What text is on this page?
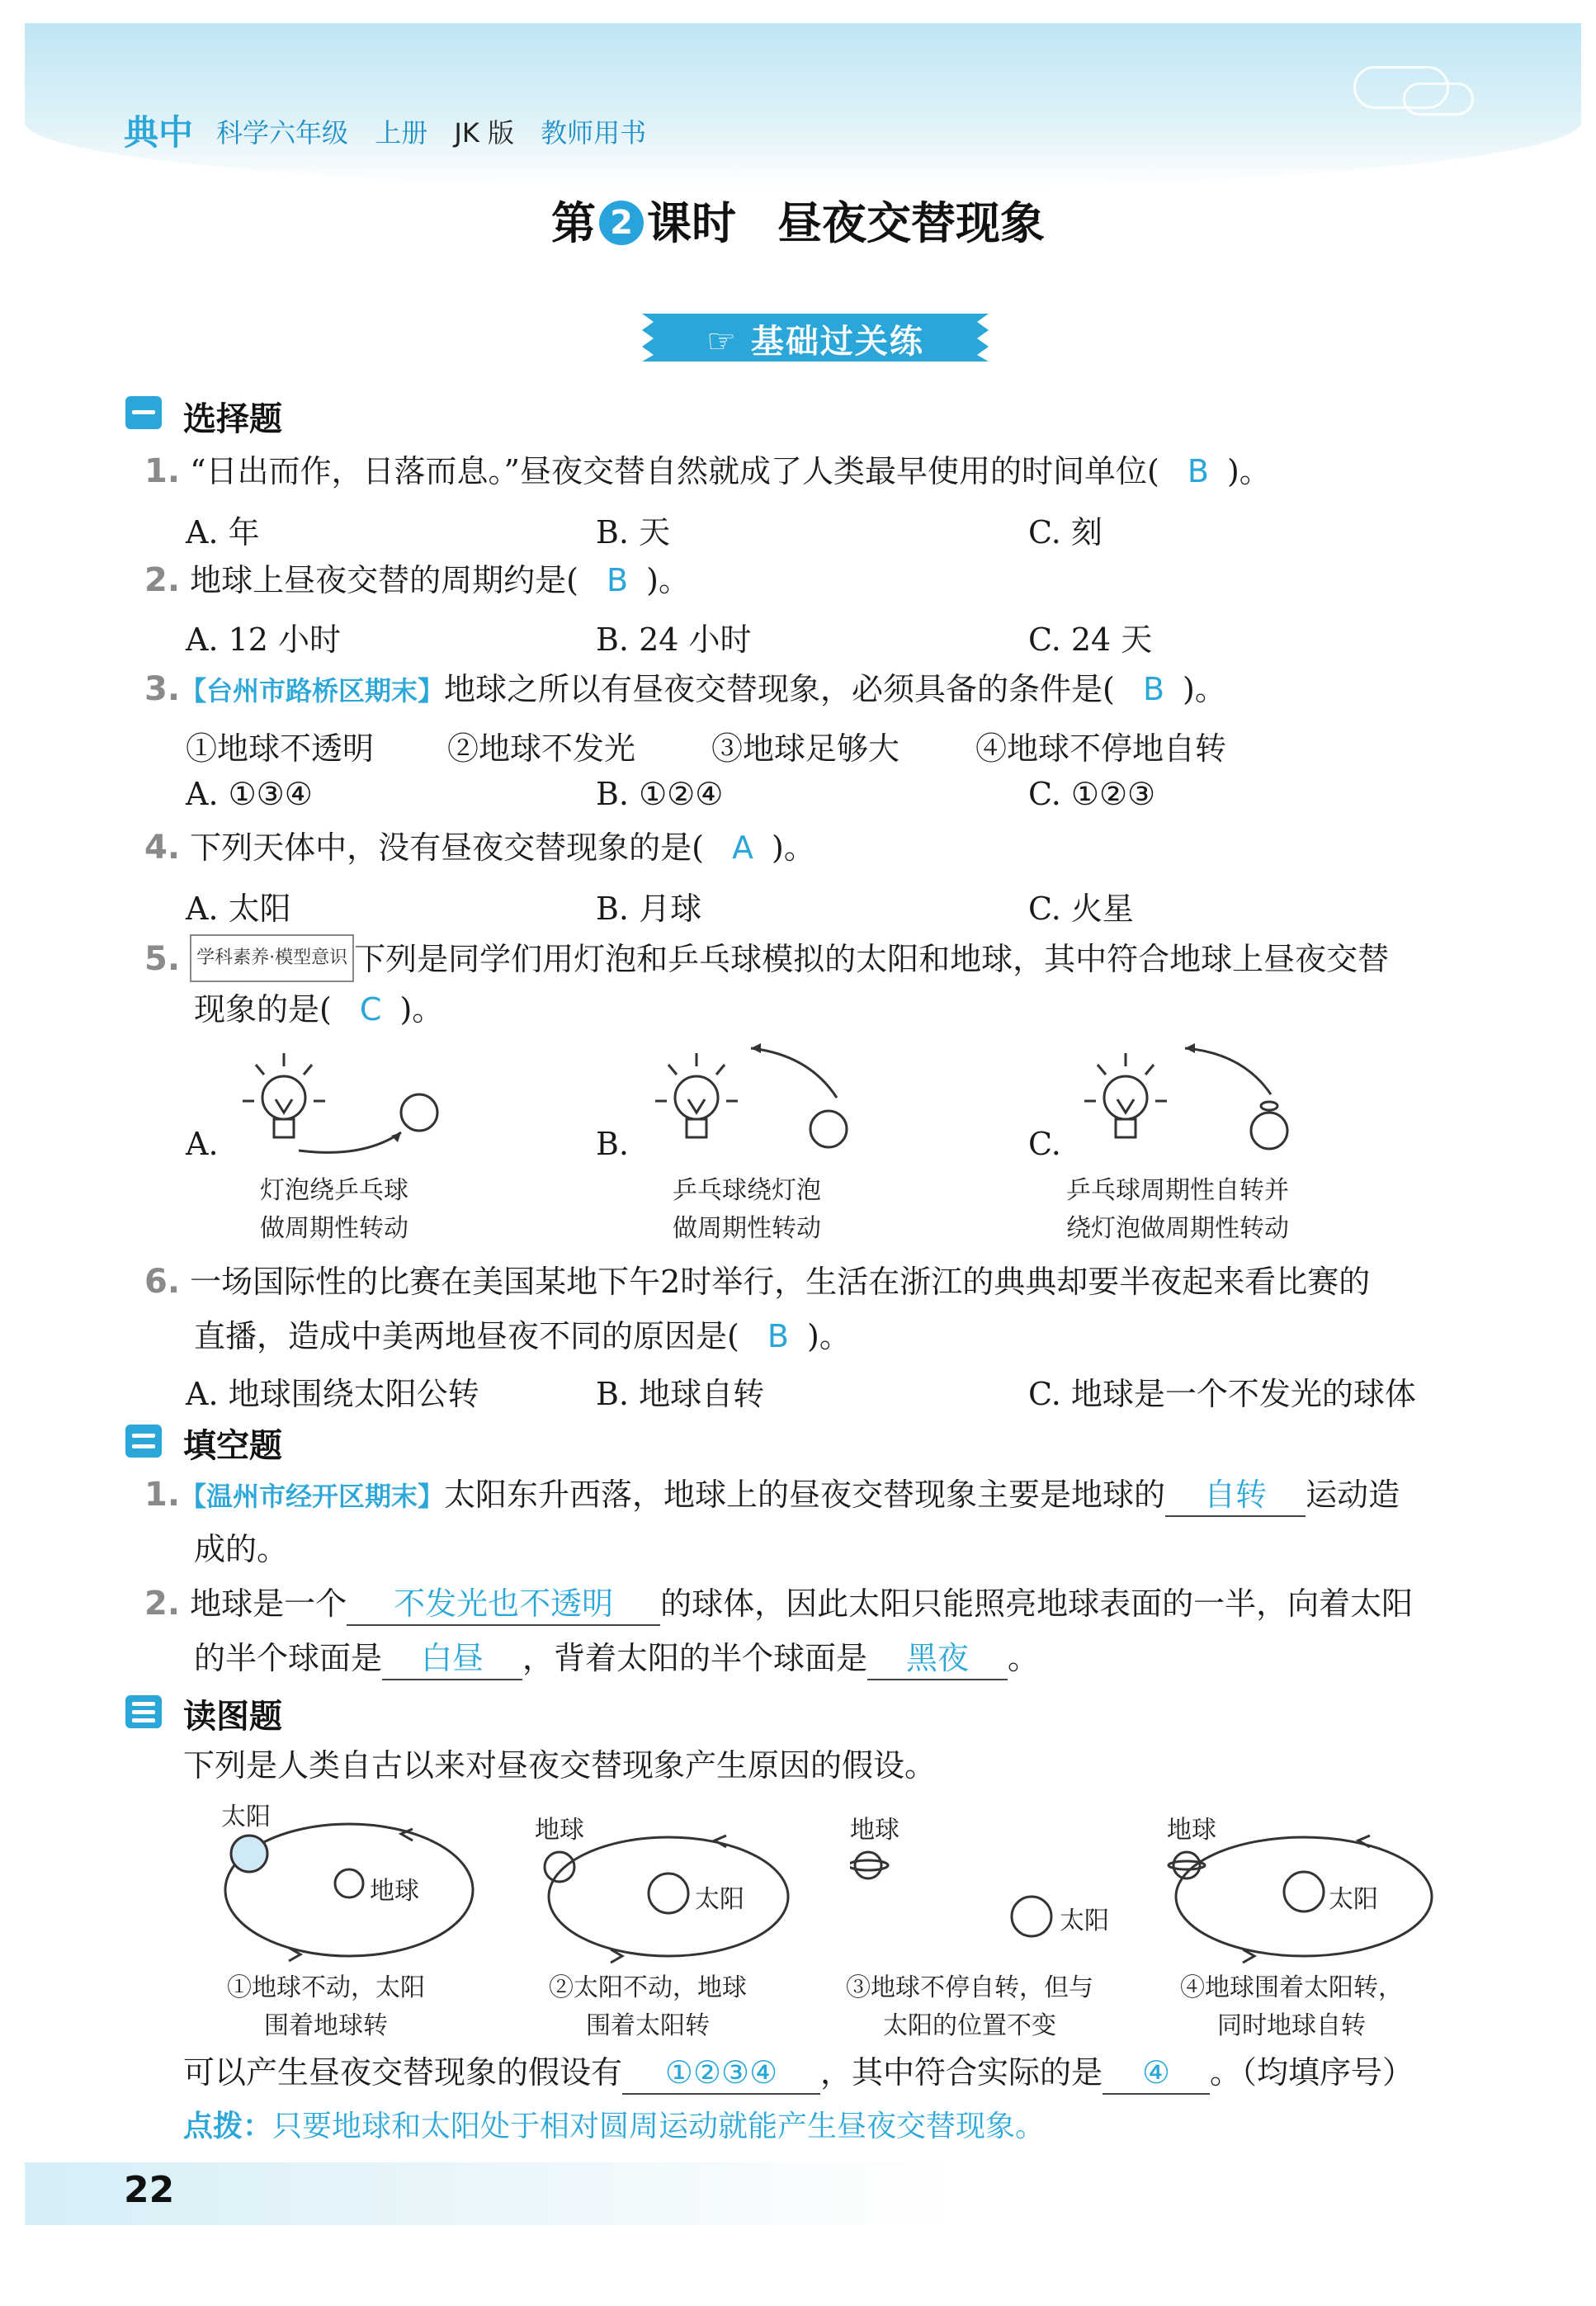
典中 科学六年级 上册 JK 版 教师用书
第 2 课时 昼夜交替现象
☞ 基础过关练
选择题
1. “日出而作，日落而息。”昼夜交替自然就成了人类最早使用的时间单位( B )。
A. 年	B. 天	C. 刻
2. 地球上昼夜交替的周期约是( B )。
A. 12 小时	B. 24 小时	C. 24 天
3.【台州市路桥区期末】地球之所以有昼夜交替现象，必须具备的条件是( B )。
①地球不透明 ②地球不发光 ③地球足够大 ④地球不停地自转
A. ①③④	B. ①②④	C. ①②③
4. 下列天体中，没有昼夜交替现象的是( A )。
A. 太阳	B. 月球	C. 火星
5. 学科素养·模型意识 下列是同学们用灯泡和乒乓球模拟的太阳和地球，其中符合地球上昼夜交替
现象的是( C )。
A.
灯泡绕乒乓球
做周期性转动
B.
乒乓球绕灯泡
做周期性转动
C.
乒乓球周期性自转并
绕灯泡做周期性转动
6. 一场国际性的比赛在美国某地下午2时举行，生活在浙江的典典却要半夜起来看比赛的
直播，造成中美两地昼夜不同的原因是( B )。
A. 地球围绕太阳公转	B. 地球自转	C. 地球是一个不发光的球体
填空题
1.【温州市经开区期末】太阳东升西落，地球上的昼夜交替现象主要是地球的 自转 运动造
成的。
2. 地球是一个 不发光也不透明 的球体，因此太阳只能照亮地球表面的一半，向着太阳
的半个球面是 白昼 ，背着太阳的半个球面是 黑夜 。
读图题
下列是人类自古以来对昼夜交替现象产生原因的假设。
太阳
地球
①地球不动，太阳
围着地球转
地球
太阳
②太阳不动，地球
围着太阳转
地球
太阳
③地球不停自转，但与
太阳的位置不变
地球
太阳
④地球围着太阳转，
同时地球自转
可以产生昼夜交替现象的假设有 ①②③④ ，其中符合实际的是 ④ 。（均填序号）
点拨：只要地球和太阳处于相对圆周运动就能产生昼夜交替现象。
22
